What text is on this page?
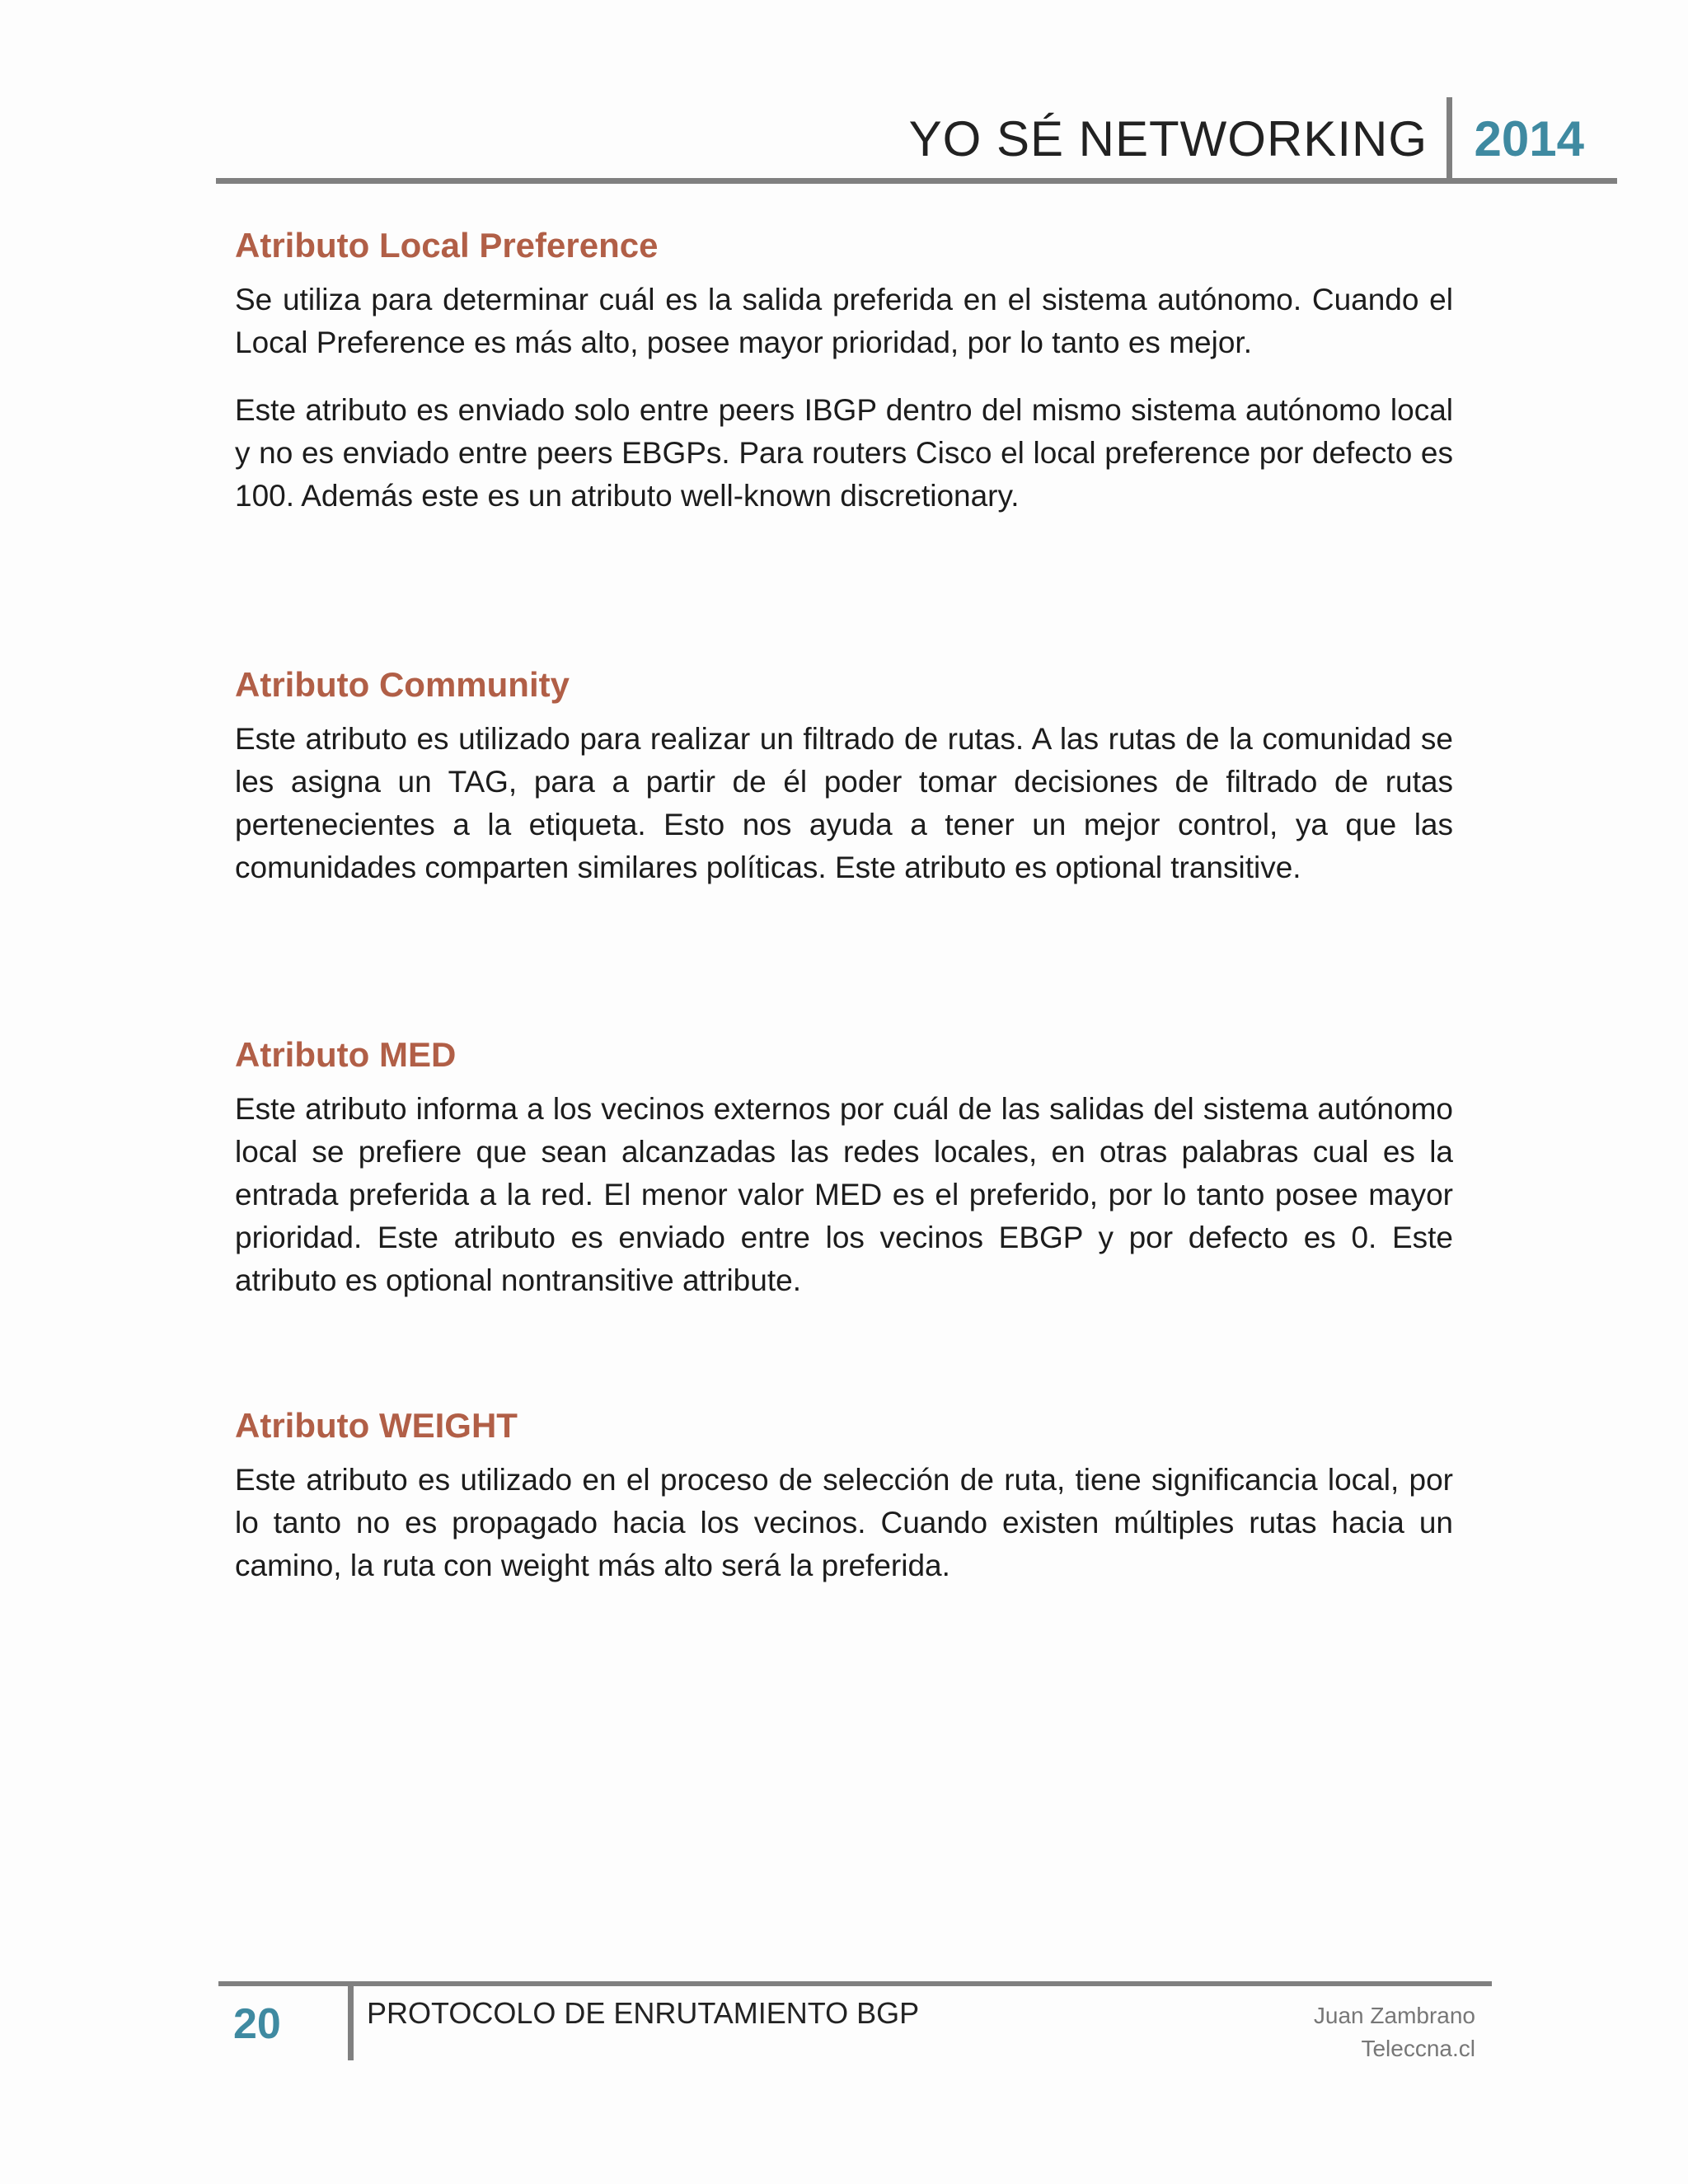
YO SÉ NETWORKING 2014
Atributo Local Preference

Se utiliza para determinar cuál es la salida preferida en el sistema autónomo. Cuando el Local Preference es más alto, posee mayor prioridad, por lo tanto es mejor.

Este atributo es enviado solo entre peers IBGP dentro del mismo sistema autónomo local y no es enviado entre peers EBGPs. Para routers Cisco el local preference por defecto es 100. Además este es un atributo well-known discretionary.

Atributo Community

Este atributo es utilizado para realizar un filtrado de rutas. A las rutas de la comunidad se les asigna un TAG, para a partir de él poder tomar decisiones de filtrado de rutas pertenecientes a la etiqueta. Esto nos ayuda a tener un mejor control, ya que las comunidades comparten similares políticas. Este atributo es optional transitive.

Atributo MED

Este atributo informa a los vecinos externos por cuál de las salidas del sistema autónomo local se prefiere que sean alcanzadas las redes locales, en otras palabras cual es la entrada preferida a la red. El menor valor MED es el preferido, por lo tanto posee mayor prioridad. Este atributo es enviado entre los vecinos EBGP y por defecto es 0. Este atributo es optional nontransitive attribute.

Atributo WEIGHT

Este atributo es utilizado en el proceso de selección de ruta, tiene significancia local, por lo tanto no es propagado hacia los vecinos. Cuando existen múltiples rutas hacia un camino, la ruta con weight más alto será la preferida.

20	PROTOCOLO DE ENRUTAMIENTO BGP	Juan Zambrano
Teleccna.cl
